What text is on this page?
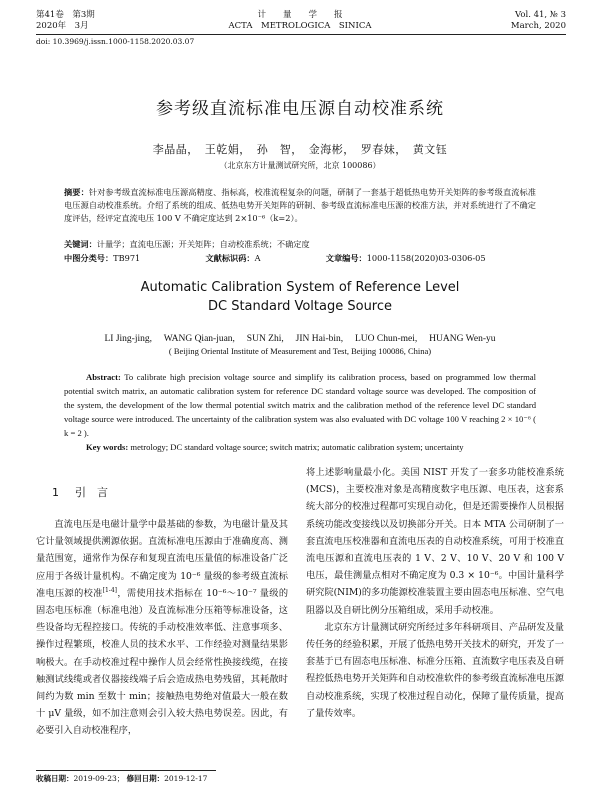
第41卷　第3期
2020年　3月
计　　量　　学　　报
ACTA　METROLOGICA　SINICA
Vol. 41, № 3
March, 2020
doi: 10.3969/j.issn.1000-1158.2020.03.07
参考级直流标准电压源自动校准系统
李晶晶，　王乾娟，　孙　智，　金海彬，　罗春妹，　黄文钰
（北京东方计量测试研究所，北京 100086）
摘要：针对参考级直流标准电压源高精度、指标高，校准流程复杂的问题，研制了一套基于超低热电势开关矩阵的参考级直流标准电压源自动校准系统。介绍了系统的组成、低热电势开关矩阵的研制、参考级直流标准电压源的校准方法，并对系统进行了不确定度评估，经评定直流电压 100 V 不确定度达到 2×10⁻⁶（k=2）。
关键词：计量学；直流电压源；开关矩阵；自动校准系统；不确定度
中图分类号：TB971	文献标识码：A	文章编号：1000-1158(2020)03-0306-05
Automatic Calibration System of Reference Level
DC Standard Voltage Source
LI Jing-jing,　 WANG Qian-juan,　 SUN Zhi,　 JIN Hai-bin,　 LUO Chun-mei,　 HUANG Wen-yu
( Beijing Oriental Institute of Measurement and Test, Beijing 100086, China)
Abstract: To calibrate high precision voltage source and simplify its calibration process, based on programmed low thermal potential switch matrix, an automatic calibration system for reference DC standard voltage source was developed. The composition of the system, the development of the low thermal potential switch matrix and the calibration method of the reference level DC standard voltage source were introduced. The uncertainty of the calibration system was also evaluated with DC voltage 100 V reaching 2 × 10⁻⁶ ( k = 2 ).
Key words: metrology; DC standard voltage source; switch matrix; automatic calibration system; uncertainty
1 引　言

直流电压是电磁计量学中最基础的参数，为电磁计量及其它计量领域提供溯源依据。直流标准电压源由于准确度高、测量范围宽，通常作为保存和复现直流电压量值的标准设备广泛应用于各级计量机构。不确定度为 10⁻⁶ 量级的参考级直流标准电压源的校准[1-4]，需使用技术指标在 10⁻⁶～10⁻⁷ 量级的固态电压标准（标准电池）及直流标准分压箱等标准设备，这些设备均无程控接口。传统的手动校准效率低、注意事项多、操作过程繁琐，校准人员的技术水平、工作经验对测量结果影响极大。在手动校准过程中操作人员会经常性换接线缆，在接触测试线缆或者仪器接线端子后会造成热电势残留，其耗散时间约为数 min 至数十 min；接触热电势绝对值最大一般在数十 μV 量级，如不加注意则会引入较大热电势误差。因此，有必要引入自动校准程序，

将上述影响量最小化。美国 NIST 开发了一套多功能校准系统(MCS)，主要校准对象是高精度数字电压源、电压表，这套系统大部分的校准过程都可实现自动化，但是还需要操作人员根据系统功能改变接线以及切换部分开关。日本 MTA 公司研制了一套直流电压校准器和直流电压表的自动校准系统，可用于校准直流电压源和直流电压表的 1 V、2 V、10 V、20 V 和 100 V 电压，最佳测量点相对不确定度为 0.3 × 10⁻⁶。中国计量科学研究院(NIM)的多功能源校准装置主要由固态电压标准、空气电阻器以及自研比例分压箱组成，采用手动校准。

北京东方计量测试研究所经过多年科研项目、产品研发及量传任务的经验积累，开展了低热电势开关技术的研究，开发了一套基于已有固态电压标准、标准分压箱、直流数字电压表及自研程控低热电势开关矩阵和自动校准软件的参考级直流标准电压源自动校准系统，实现了校准过程自动化，保障了量传质量，提高了量传效率。

收稿日期：2019-09-23； 修回日期：2019-12-17
